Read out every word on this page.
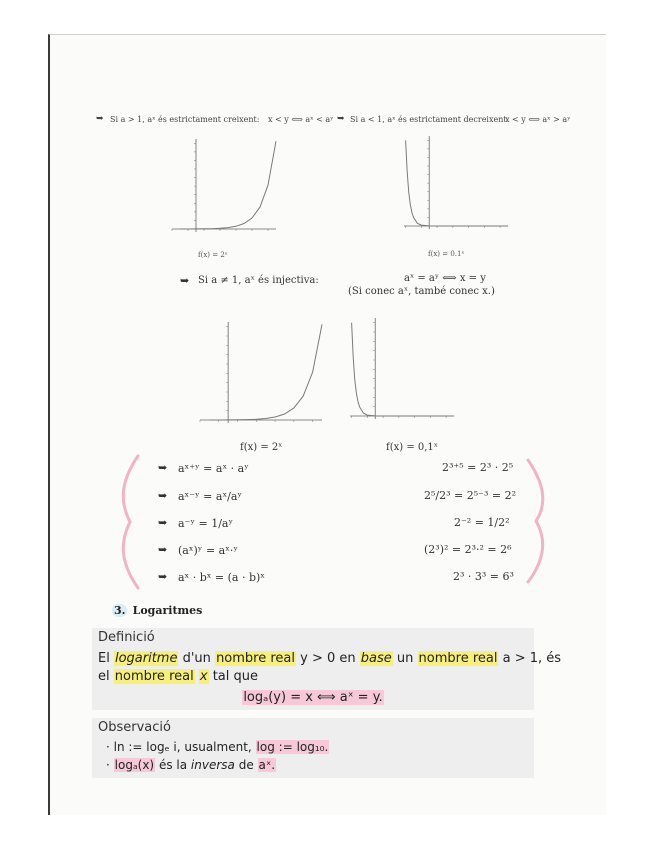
➥ Si a > 1, aˣ és estrictament creixent: x < y ⟺ aˣ < aʸ ➥ Si a < 1, aˣ és estrictament decreixent:
x < y ⟺ aˣ > aʸ
f(x) = 2ˣ	f(x) = 0.1ˣ
➥ Si a ≠ 1, aˣ és injectiva:	aˣ = aʸ ⟺ x = y
(Si conec aˣ, també conec x.)
f(x) = 2ˣ	f(x) = 0,1ˣ
➥ aˣ⁺ʸ = aˣ · aʸ	2³⁺⁵ = 2³ · 2⁵
➥ aˣ⁻ʸ = aˣ/aʸ	2⁵/2³ = 2⁵⁻³ = 2²
➥ a⁻ʸ = 1/aʸ	2⁻² = 1/2²
➥ (aˣ)ʸ = aˣ·ʸ	(2³)² = 2³·² = 2⁶
➥ aˣ · bˣ = (a · b)ˣ	2³ · 3³ = 6³
3. Logaritmes
Definició
El logaritme d'un nombre real y > 0 en base un nombre real a > 1, és
el nombre real x tal que
logₐ(y) = x ⟺ aˣ = y.
Observació
· ln := logₑ i, usualment, log := log₁₀.
· logₐ(x) és la inversa de aˣ.
